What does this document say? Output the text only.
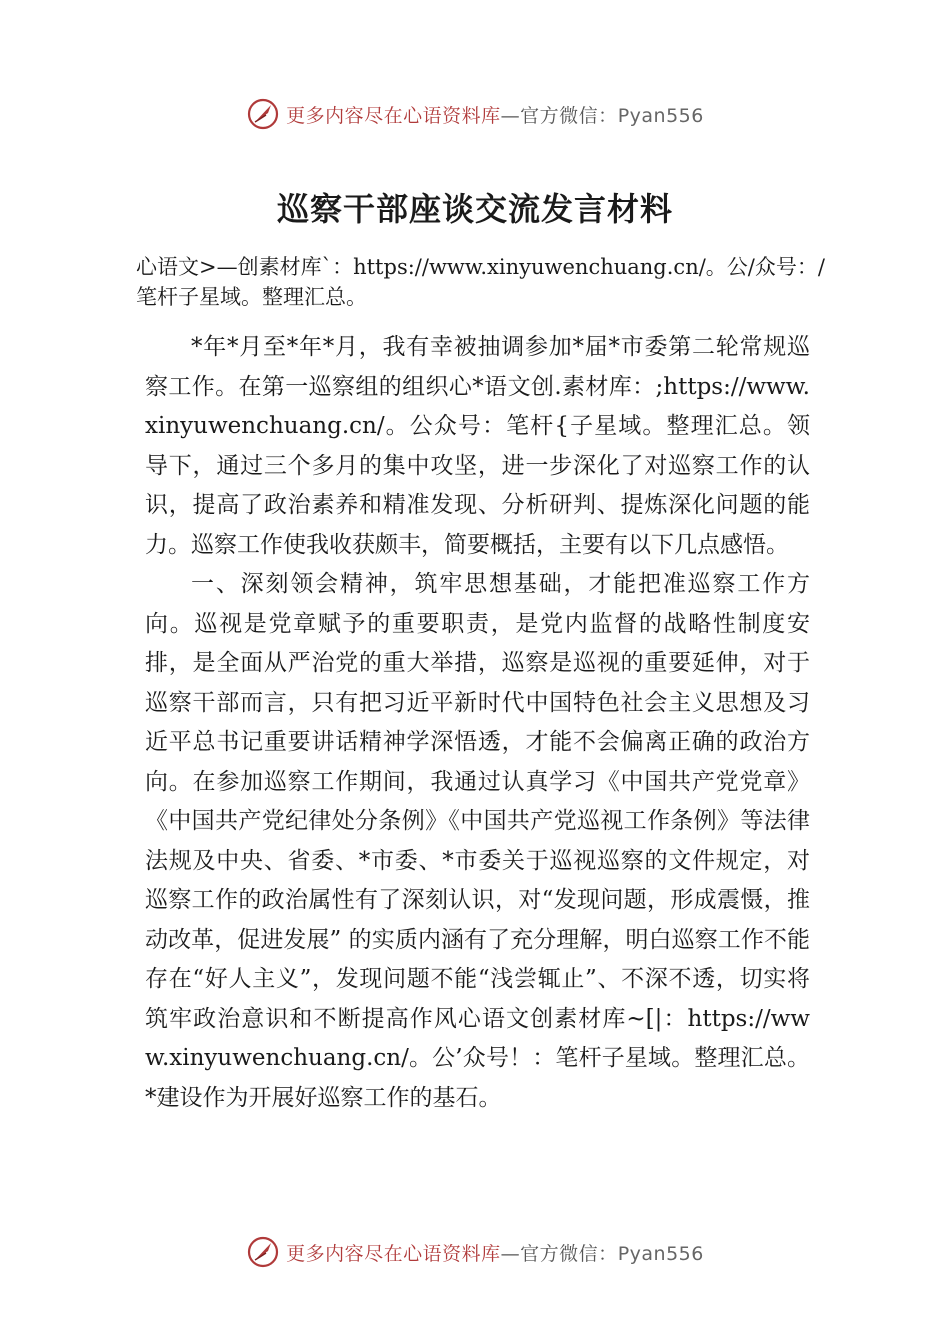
更多内容尽在心语资料库—官方微信：Pyan556
巡察干部座谈交流发言材料

心语文>—创素材库`：https://www.xinyuwenchuang.cn/。公/众号：/笔杆子星域。整理汇总。

*年*月至*年*月，我有幸被抽调参加*届*市委第二轮常规巡察工作。在第一巡察组的组织心*语文创.素材库：;https://www.xinyuwenchuang.cn/。公众号：笔杆{子星域。整理汇总。领导下，通过三个多月的集中攻坚，进一步深化了对巡察工作的认识，提高了政治素养和精准发现、分析研判、提炼深化问题的能力。巡察工作使我收获颇丰，简要概括，主要有以下几点感悟。

一、深刻领会精神，筑牢思想基础，才能把准巡察工作方向。巡视是党章赋予的重要职责，是党内监督的战略性制度安排，是全面从严治党的重大举措，巡察是巡视的重要延伸，对于巡察干部而言，只有把习近平新时代中国特色社会主义思想及习近平总书记重要讲话精神学深悟透，才能不会偏离正确的政治方向。在参加巡察工作期间，我通过认真学习《中国共产党党章》《中国共产党纪律处分条例》《中国共产党巡视工作条例》等法律法规及中央、省委、*市委、*市委关于巡视巡察的文件规定，对巡察工作的政治属性有了深刻认识，对“发现问题，形成震慑，推动改革，促进发展” 的实质内涵有了充分理解，明白巡察工作不能存在“好人主义”，发现问题不能“浅尝辄止”、不深不透，切实将筑牢政治意识和不断提高作风心语文创素材库~[|：https://www.xinyuwenchuang.cn/。公’众号！：笔杆子星域。整理汇总。*建设作为开展好巡察工作的基石。

更多内容尽在心语资料库—官方微信：Pyan556
